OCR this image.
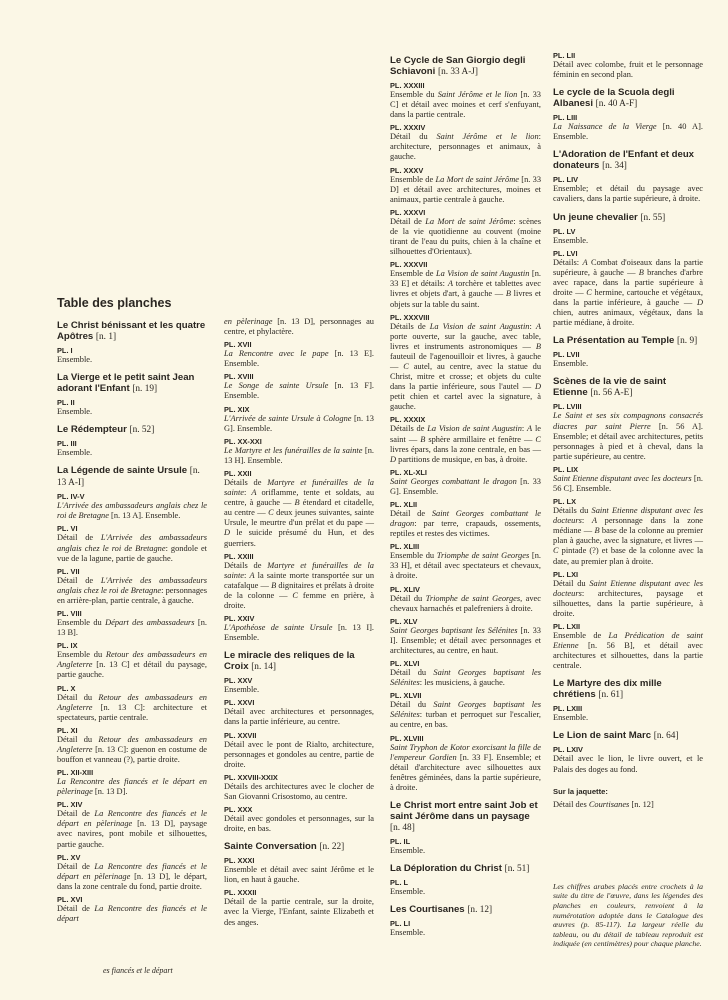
Table des planches
Le Christ bénissant et les quatre Apôtres [n. 1]
PL. I
Ensemble.
La Vierge et le petit saint Jean adorant l'Enfant [n. 19]
PL. II
Ensemble.
Le Rédempteur [n. 52]
PL. III
Ensemble.
La Légende de sainte Ursule [n. 13 A-I]
PL. IV-V
L'Arrivée des ambassadeurs anglais chez le roi de Bretagne [n. 13 A]. Ensemble.
PL. VI
Détail de L'Arrivée des ambassadeurs anglais chez le roi de Bretagne: gondole et vue de la lagune, partie de gauche.
PL. VII
Détail de L'Arrivée des ambassadeurs anglais chez le roi de Bretagne: personnages en arrière-plan, partie centrale, à gauche.
PL. VIII
Ensemble du Départ des ambassadeurs [n. 13 B].
PL. IX
Ensemble du Retour des ambassadeurs en Angleterre [n. 13 C] et détail du paysage, partie gauche.
PL. X
Détail du Retour des ambassadeurs en Angleterre [n. 13 C]: architecture et spectateurs, partie centrale.
PL. XI
Détail du Retour des ambassadeurs en Angleterre [n. 13 C]: guenon en costume de bouffon et vanneau (?), partie droite.
PL. XII-XIII
La Rencontre des fiancés et le départ en pèlerinage [n. 13 D].
PL. XIV
Détail de La Rencontre des fiancés et le départ en pèlerinage [n. 13 D], paysage avec navires, pont mobile et silhouettes, partie gauche.
PL. XV
Détail de La Rencontre des fiancés et le départ en pèlerinage [n. 13 D], le départ, dans la zone centrale du fond, partie droite.
PL. XVI
Détail de La Rencontre des fiancés et le départ
en pèlerinage [n. 13 D], personnages au centre, et phylactère.
PL. XVII
La Rencontre avec le pape [n. 13 E]. Ensemble.
PL. XVIII
Le Songe de sainte Ursule [n. 13 F]. Ensemble.
PL. XIX
L'Arrivée de sainte Ursule à Cologne [n. 13 G]. Ensemble.
PL. XX-XXI
Le Martyre et les funérailles de la sainte [n. 13 H]. Ensemble.
PL. XXII
Détails de Martyre et funérailles de la sainte: A oriflamme, tente et soldats, au centre, à gauche — B étendard et citadelle, au centre — C deux jeunes suivantes, sainte Ursule, le meurtre d'un prélat et du pape — D le suicide présumé du Hun, et des guerriers.
PL. XXIII
Détails de Martyre et funérailles de la sainte: A la sainte morte transportée sur un catafalque — B dignitaires et prélats à droite de la colonne — C femme en prière, à droite.
PL. XXIV
L'Apothéose de sainte Ursule [n. 13 I]. Ensemble.
Le miracle des reliques de la Croix [n. 14]
PL. XXV
Ensemble.
PL. XXVI
Détail avec architectures et personnages, dans la partie inférieure, au centre.
PL. XXVII
Détail avec le pont de Rialto, architecture, personnages et gondoles au centre, partie de droite.
PL. XXVIII-XXIX
Détails des architectures avec le clocher de San Giovanni Crisostomo, au centre.
PL. XXX
Détail avec gondoles et personnages, sur la droite, en bas.
Sainte Conversation [n. 22]
PL. XXXI
Ensemble et détail avec saint Jérôme et le lion, en haut à gauche.
PL. XXXII
Détail de la partie centrale, sur la droite, avec la Vierge, l'Enfant, sainte Elizabeth et des anges.
Le Cycle de San Giorgio degli Schiavoni [n. 33 A-J]
PL. XXXIII
Ensemble du Saint Jérôme et le lion [n. 33 C] et détail avec moines et cerf s'enfuyant, dans la partie centrale.
PL. XXXIV
Détail du Saint Jérôme et le lion: architecture, personnages et animaux, à gauche.
PL. XXXV
Ensemble de La Mort de saint Jérôme [n. 33 D] et détail avec architectures, moines et animaux, partie centrale à gauche.
PL. XXXVI
Détail de La Mort de saint Jérôme: scènes de la vie quotidienne au couvent (moine tirant de l'eau du puits, chien à la chaîne et silhouettes d'Orientaux).
PL. XXXVII
Ensemble de La Vision de saint Augustin [n. 33 E] et détails: A torchère et tablettes avec livres et objets d'art, à gauche — B livres et objets sur la table du saint.
PL. XXXVIII
Détails de La Vision de saint Augustin: A porte ouverte, sur la gauche, avec table, livres et instruments astronomiques — B fauteuil de l'agenouilloir et livres, à gauche — C autel, au centre, avec la statue du Christ, mitre et crosse; et objets du culte dans la partie inférieure, sous l'autel — D petit chien et cartel avec la signature, à gauche.
PL. XXXIX
Détails de La Vision de saint Augustin: A le saint — B sphère armillaire et fenêtre — C livres épars, dans la zone centrale, en bas — D partitions de musique, en bas, à droite.
PL. XL-XLI
Saint Georges combattant le dragon [n. 33 G]. Ensemble.
PL. XLII
Détail de Saint Georges combattant le dragon: par terre, crapauds, ossements, reptiles et restes des victimes.
PL. XLIII
Ensemble du Triomphe de saint Georges [n. 33 H], et détail avec spectateurs et chevaux, à droite.
PL. XLIV
Détail du Triomphe de saint Georges, avec chevaux harnachés et palefreniers à droite.
PL. XLV
Saint Georges baptisant les Sélénites [n. 33 I]. Ensemble; et détail avec personnages et architectures, au centre, en haut.
PL. XLVI
Détail du Saint Georges baptisant les Sélénites: les musiciens, à gauche.
PL. XLVII
Détail du Saint Georges baptisant les Sélénites: turban et perroquet sur l'escalier, au centre, en bas.
PL. XLVIII
Saint Tryphon de Kotor exorcisant la fille de l'empereur Gordien [n. 33 F]. Ensemble; et détail d'architecture avec silhouettes aux fenêtres géminées, dans la partie supérieure, à droite.
Le Christ mort entre saint Job et saint Jérôme dans un paysage [n. 48]
PL. IL
Ensemble.
La Déploration du Christ [n. 51]
PL. L
Ensemble.
Les Courtisanes [n. 12]
PL. LI
Ensemble.
PL. LII
Détail avec colombe, fruit et le personnage féminin en second plan.
Le cycle de la Scuola degli Albanesi [n. 40 A-F]
PL. LIII
La Naissance de la Vierge [n. 40 A]. Ensemble.
L'Adoration de l'Enfant et deux donateurs [n. 34]
PL. LIV
Ensemble; et détail du paysage avec cavaliers, dans la partie supérieure, à droite.
Un jeune chevalier [n. 55]
PL. LV
Ensemble.
PL. LVI
Détails: A Combat d'oiseaux dans la partie supérieure, à gauche — B branches d'arbre avec rapace, dans la partie supérieure à droite — C hermine, cartouche et végétaux, dans la partie inférieure, à gauche — D chien, autres animaux, végétaux, dans la partie médiane, à droite.
La Présentation au Temple [n. 9]
PL. LVII
Ensemble.
Scènes de la vie de saint Etienne [n. 56 A-E]
PL. LVIII
Le Saint et ses six compagnons consacrés diacres par saint Pierre [n. 56 A]. Ensemble; et détail avec architectures, petits personnages à pied et à cheval, dans la partie supérieure, au centre.
PL. LIX
Saint Etienne disputant avec les docteurs [n. 56 C]. Ensemble.
PL. LX
Détails du Saint Etienne disputant avec les docteurs: A personnage dans la zone médiane — B base de la colonne au premier plan à gauche, avec la signature, et livres — C pintade (?) et base de la colonne avec la date, au premier plan à droite.
PL. LXI
Détail du Saint Etienne disputant avec les docteurs: architectures, paysage et silhouettes, dans la partie supérieure, à droite.
PL. LXII
Ensemble de La Prédication de saint Etienne [n. 56 B], et détail avec architectures et silhouettes, dans la partie centrale.
Le Martyre des dix mille chrétiens [n. 61]
PL. LXIII
Ensemble.
Le Lion de saint Marc [n. 64]
PL. LXIV
Détail avec le lion, le livre ouvert, et le Palais des doges au fond.
Sur la jaquette:
Détail des Courtisanes [n. 12]
Les chiffres arabes placés entre crochets à la suite du titre de l'œuvre, dans les légendes des planches en couleurs, renvoient à la numérotation adoptée dans le Catalogue des œuvres (p. 85-117). La largeur réelle du tableau, ou du détail de tableau reproduit est indiquée (en centimètres) pour chaque planche.
es fiancés et le départ
